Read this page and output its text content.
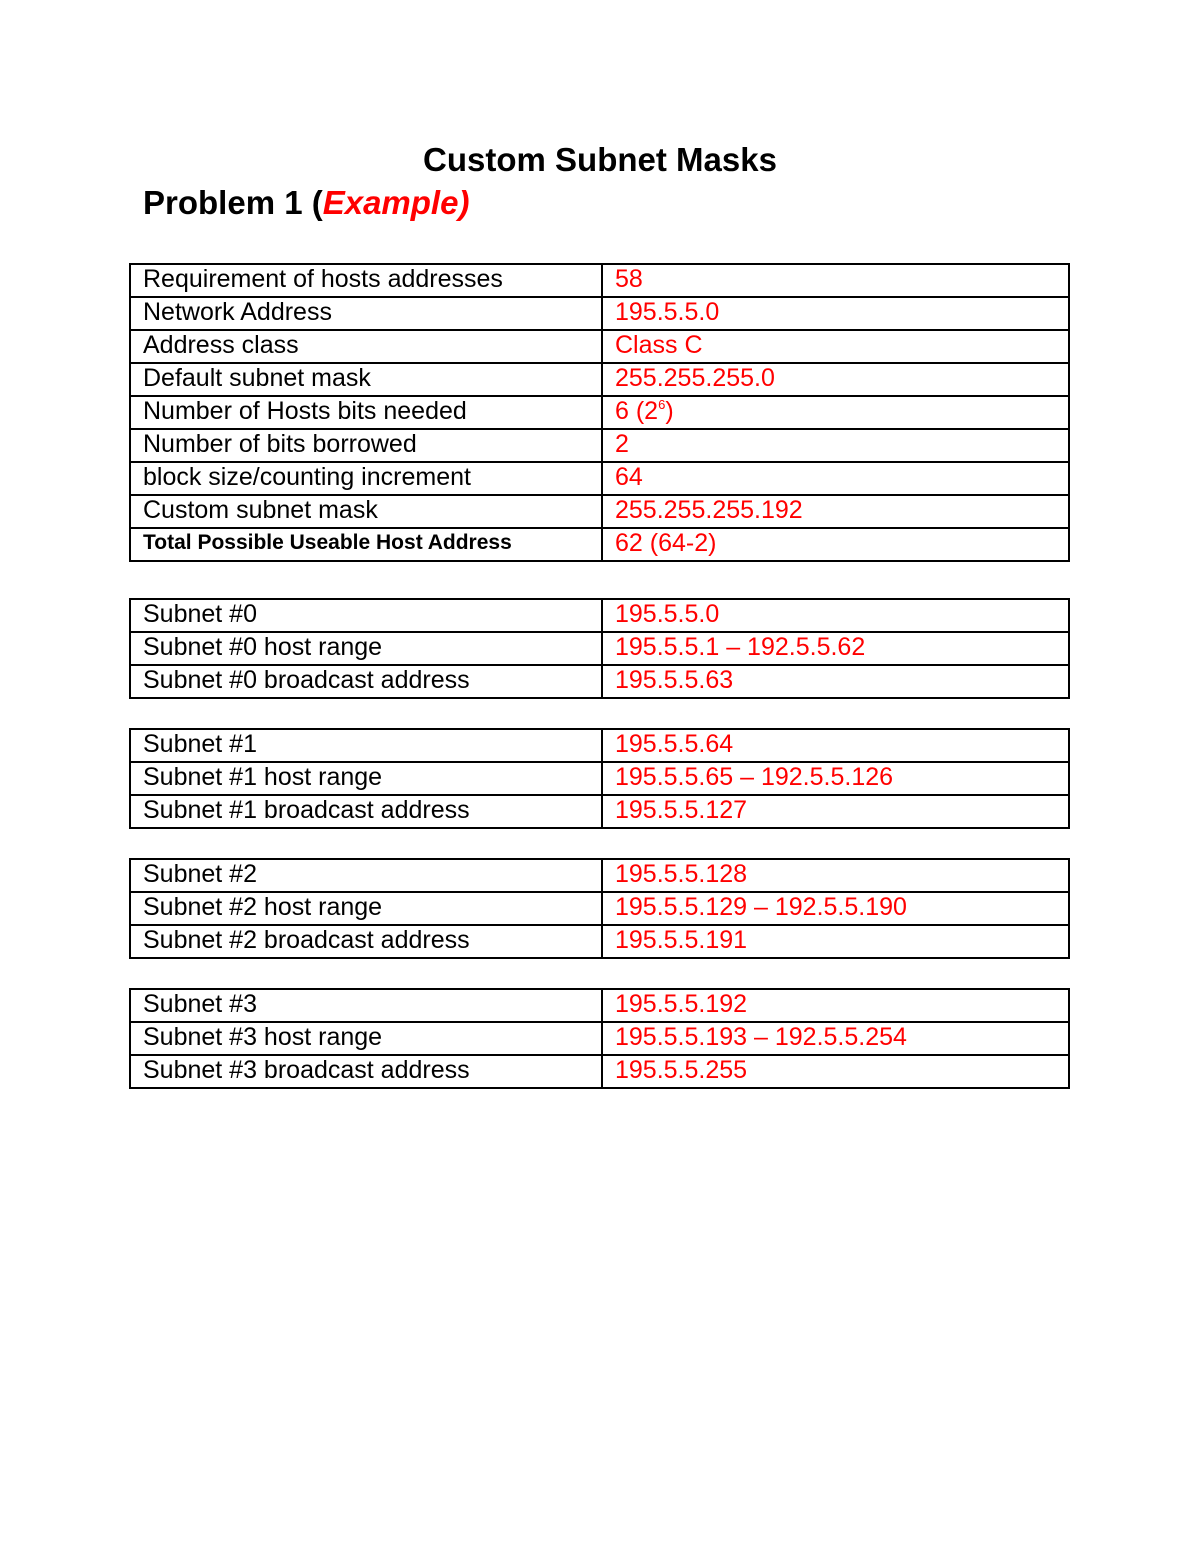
Custom Subnet Masks
Problem 1 (Example)
Requirement of hosts addresses	58
Network Address	195.5.5.0
Address class	Class C
Default subnet mask	255.255.255.0
Number of Hosts bits needed	6 $(2^6)$
Number of bits borrowed	2
block size/counting increment	64
Custom subnet mask	255.255.255.192
Total Possible Useable Host Address	62 (64-2)
Subnet #0	195.5.5.0
Subnet #0 host range	195.5.5.1 – 192.5.5.62
Subnet #0 broadcast address	195.5.5.63
Subnet #1	195.5.5.64
Subnet #1 host range	195.5.5.65 – 192.5.5.126
Subnet #1 broadcast address	195.5.5.127
Subnet #2	195.5.5.128
Subnet #2 host range	195.5.5.129 – 192.5.5.190
Subnet #2 broadcast address	195.5.5.191
Subnet #3	195.5.5.192
Subnet #3 host range	195.5.5.193 – 192.5.5.254
Subnet #3 broadcast address	195.5.5.255
